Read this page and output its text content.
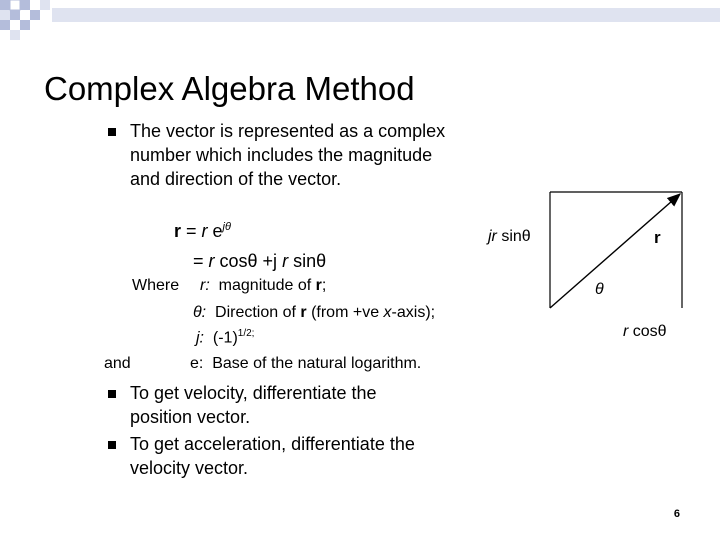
Complex Algebra Method
The vector is represented as a complex
number which includes the magnitude
and direction of the vector.
r = r $e^{j\theta}$
= r cosθ +j r sinθ
Where r: magnitude of r;
θ: Direction of r (from +ve x-axis);
j: $(-1)^{1/2;}$
and	e: Base of the natural logarithm.
To get velocity, differentiate the
position vector.
To get acceleration, differentiate the
velocity vector.
jr sinθ	r
θ
r cosθ
6
